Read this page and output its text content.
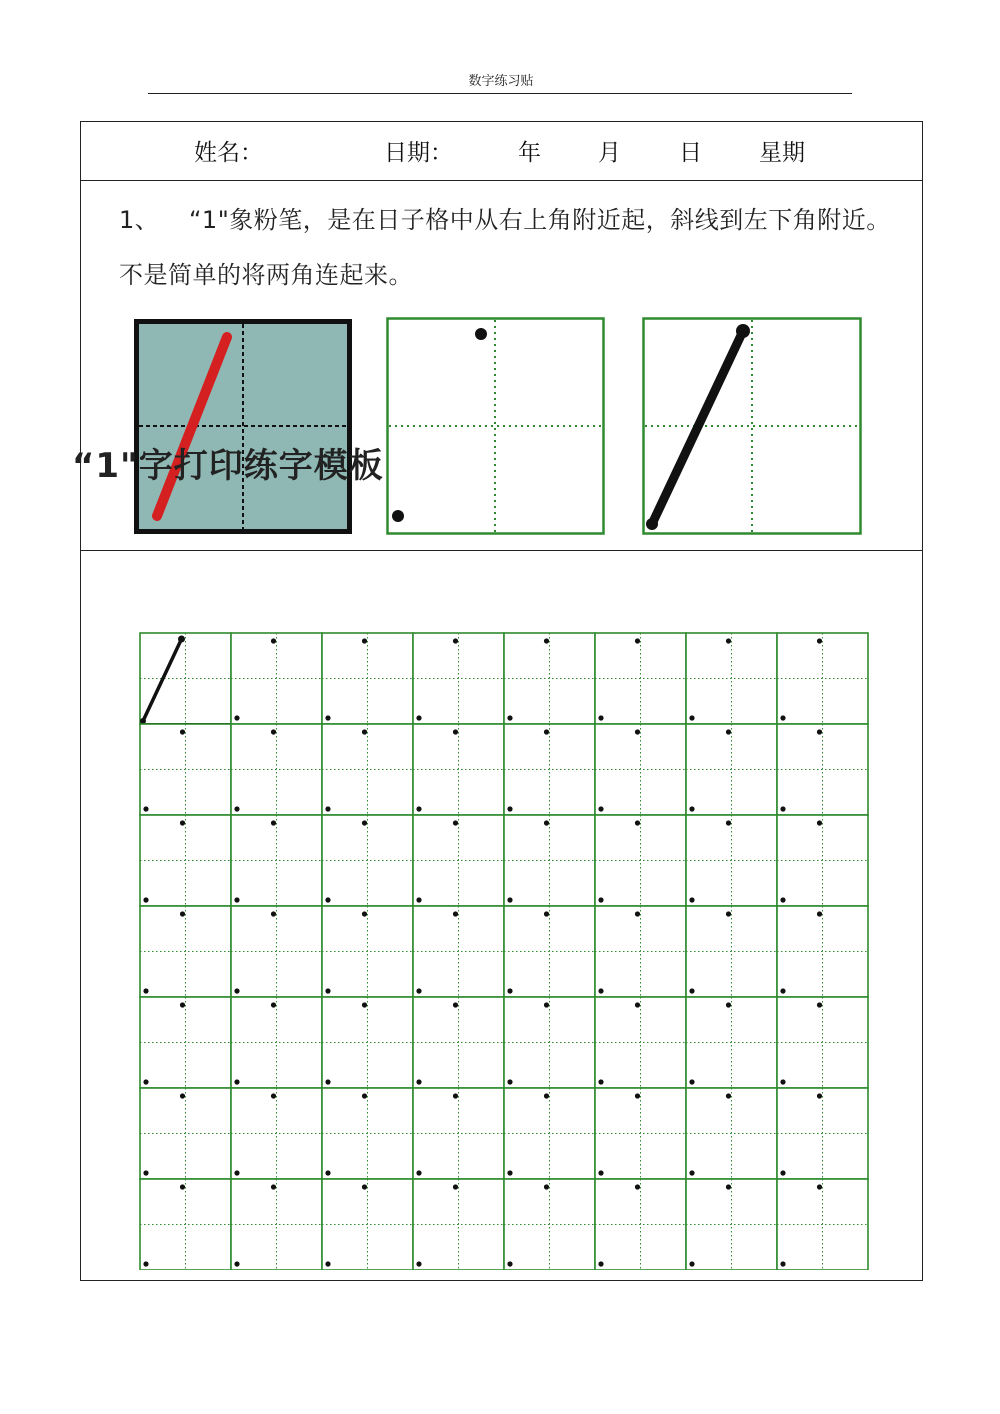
数字练习贴
姓名：	日期：	年 月	日 星期
1、 “1"象粉笔，是在日子格中从右上角附近起，斜线到左下角附近。不是简单的将两角连起来。
“1"字打印练字模板
